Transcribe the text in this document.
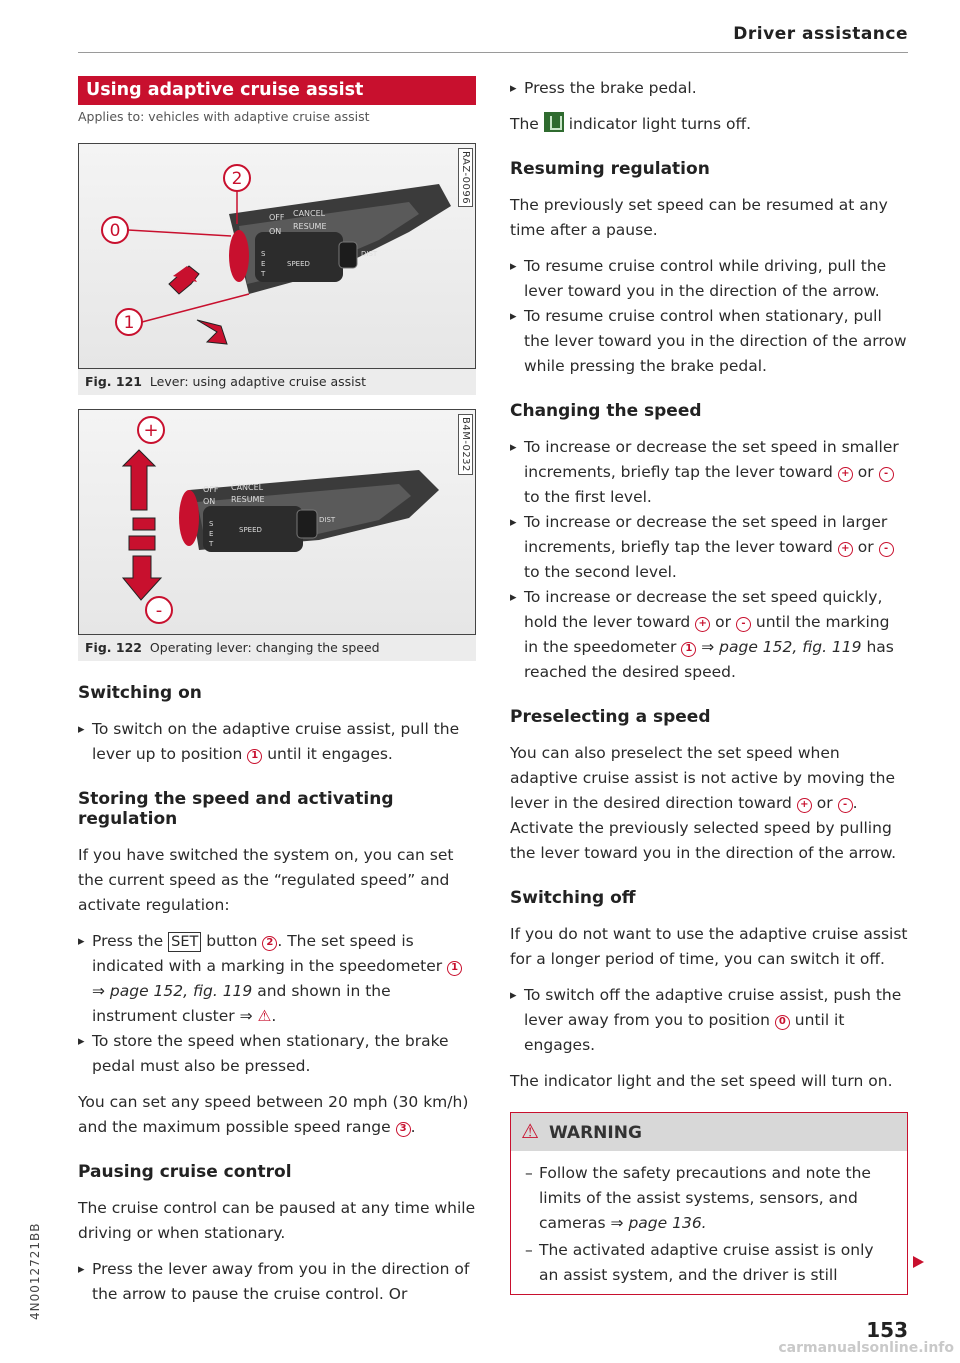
Driver assistance
Using adaptive cruise assist
Applies to: vehicles with adaptive cruise assist
OFF
ON
CANCEL
RESUME
SPEED
DIST
S
E
T
2
0
1
RAZ-0096
Fig. 121 Lever: using adaptive cruise assist
OFF
ON
CANCEL
RESUME
SPEED
DIST
S
E
T
+
-
B4M-0232
Fig. 122 Operating lever: changing the speed
Switching on
▸ To switch on the adaptive cruise assist, pull the lever up to position 1 until it engages.
Storing the speed and activating regulation

If you have switched the system on, you can set the current speed as the “regulated speed” and activate regulation:

▸ Press the SET button 2 . The set speed is indicated with a marking in the speedometer 1 ⇒ page 152, fig. 119 and shown in the instrument cluster ⇒ ⚠.
▸ To store the speed when stationary, the brake pedal must also be pressed.

You can set any speed between 20 mph (30 km/h) and the maximum possible speed range 3 .

Pausing cruise control

The cruise control can be paused at any time while driving or when stationary.

▸ Press the lever away from you in the direction of the arrow to pause the cruise control. Or
▸ Press the brake pedal.

The indicator light turns off.

Resuming regulation

The previously set speed can be resumed at any time after a pause.

▸ To resume cruise control while driving, pull the lever toward you in the direction of the arrow.
▸ To resume cruise control when stationary, pull the lever toward you in the direction of the arrow while pressing the brake pedal.
Changing the speed
▸ To increase or decrease the set speed in smaller increments, briefly tap the lever toward + or - to the first level.
▸ To increase or decrease the set speed in larger increments, briefly tap the lever toward + or - to the second level.
▸ To increase or decrease the set speed quickly, hold the lever toward + or - until the marking in the speedometer 1 ⇒ page 152, fig. 119 has reached the desired speed.
Preselecting a speed

You can also preselect the set speed when adaptive cruise assist is not active by moving the lever in the desired direction toward + or - . Activate the previously selected speed by pulling the lever toward you in the direction of the arrow.

Switching off

If you do not want to use the adaptive cruise assist for a longer period of time, you can switch it off.

▸ To switch off the adaptive cruise assist, push the lever away from you to position 0 until it engages.

The indicator light and the set speed will turn on.

⚠ WARNING
– Follow the safety precautions and note the limits of the assist systems, sensors, and cameras ⇒ page 136.
– The activated adaptive cruise assist is only an assist system, and the driver is still
153
4N0012721BB
carmanualsonline.info
